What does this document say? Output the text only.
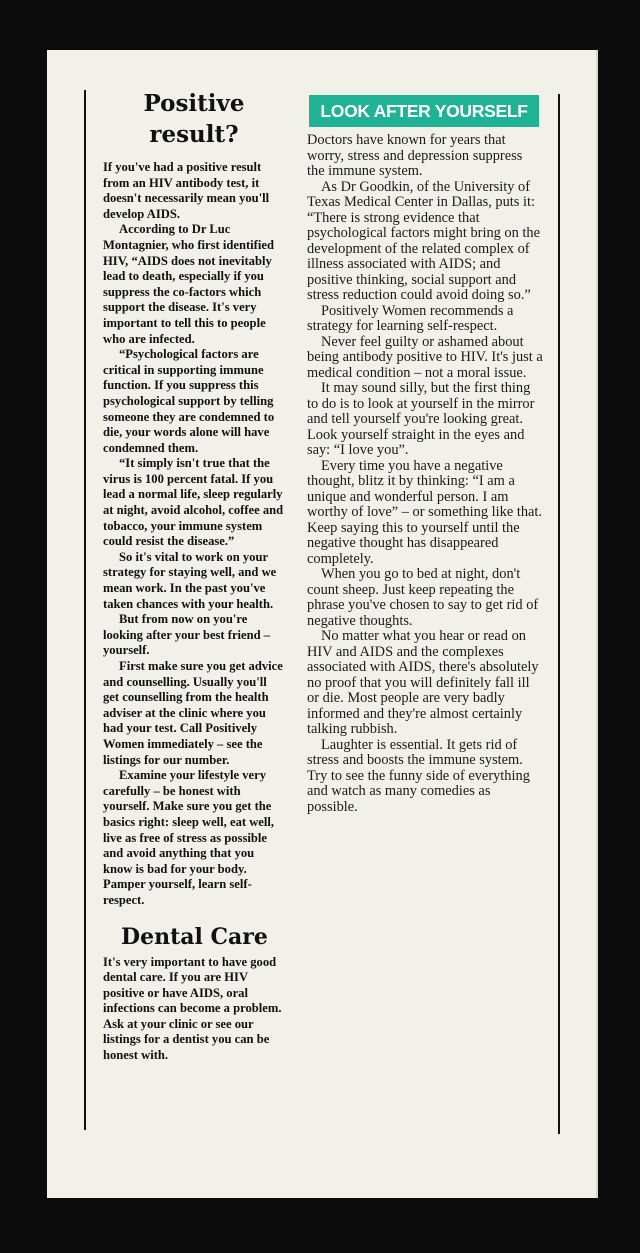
Positive result?

If you've had a positive result from an HIV antibody test, it doesn't necessarily mean you'll develop AIDS.

According to Dr Luc Montagnier, who first identified HIV, “AIDS does not inevitably lead to death, especially if you suppress the co-factors which support the disease. It's very important to tell this to people who are infected.

“Psychological factors are critical in supporting immune function. If you suppress this psychological support by telling someone they are condemned to die, your words alone will have condemned them.

“It simply isn't true that the virus is 100 percent fatal. If you lead a normal life, sleep regularly at night, avoid alcohol, coffee and tobacco, your immune system could resist the disease.”

So it's vital to work on your strategy for staying well, and we mean work. In the past you've taken chances with your health.

But from now on you're looking after your best friend – yourself.

First make sure you get advice and counselling. Usually you'll get counselling from the health adviser at the clinic where you had your test. Call Positively Women immediately – see the listings for our number.

Examine your lifestyle very carefully – be honest with yourself. Make sure you get the basics right: sleep well, eat well, live as free of stress as possible and avoid anything that you know is bad for your body. Pamper yourself, learn self-respect.

Dental Care

It's very important to have good dental care. If you are HIV positive or have AIDS, oral infections can become a problem. Ask at your clinic or see our listings for a dentist you can be honest with.

LOOK AFTER YOURSELF

Doctors have known for years that worry, stress and depression suppress the immune system.

As Dr Goodkin, of the University of Texas Medical Center in Dallas, puts it: “There is strong evidence that psychological factors might bring on the development of the related complex of illness associated with AIDS; and positive thinking, social support and stress reduction could avoid doing so.”

Positively Women recommends a strategy for learning self-respect.

Never feel guilty or ashamed about being antibody positive to HIV. It's just a medical condition – not a moral issue.

It may sound silly, but the first thing to do is to look at yourself in the mirror and tell yourself you're looking great. Look yourself straight in the eyes and say: “I love you”.

Every time you have a negative thought, blitz it by thinking: “I am a unique and wonderful person. I am worthy of love” – or something like that. Keep saying this to yourself until the negative thought has disappeared completely.

When you go to bed at night, don't count sheep. Just keep repeating the phrase you've chosen to say to get rid of negative thoughts.

No matter what you hear or read on HIV and AIDS and the complexes associated with AIDS, there's absolutely no proof that you will definitely fall ill or die. Most people are very badly informed and they're almost certainly talking rubbish.

Laughter is essential. It gets rid of stress and boosts the immune system. Try to see the funny side of everything and watch as many comedies as possible.
